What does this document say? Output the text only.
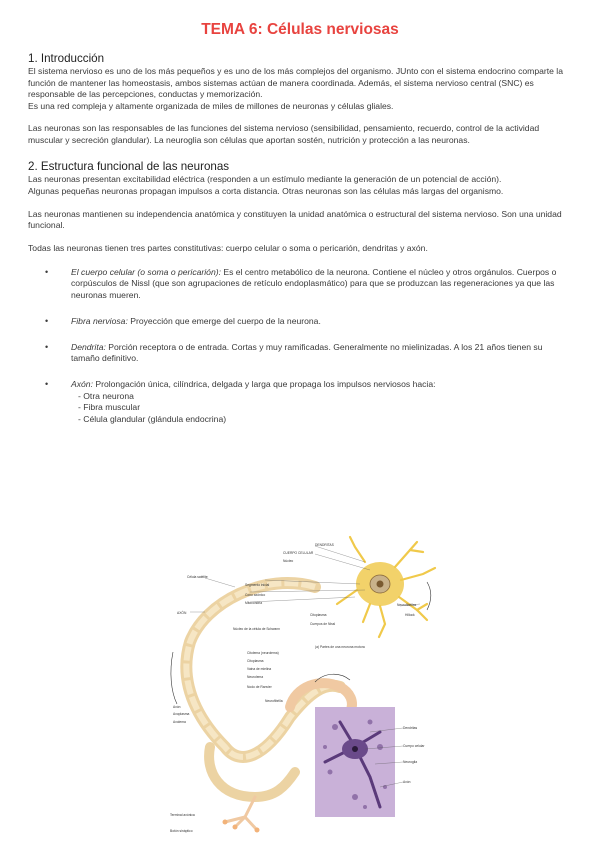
TEMA 6: Células nerviosas
1. Introducción

El sistema nervioso es uno de los más pequeños y es uno de los más complejos del organismo. JUnto con el sistema endocrino comparte la función de mantener las homeostasis, ambos sistemas actúan de manera coordinada. Además, el sistema nervioso central (SNC) es responsable de las percepciones, conductas y memorización.

Es una red compleja y altamente organizada de miles de millones de neuronas y células gliales.

Las neuronas son las responsables de las funciones del sistema nervioso (sensibilidad, pensamiento, recuerdo, control de la actividad muscular y secreción glandular). La neuroglia son células que aportan sostén, nutrición y protección a las neuronas.

2. Estructura funcional de las neuronas

Las neuronas presentan excitabilidad eléctrica (responden a un estímulo mediante la generación de un potencial de acción).

Algunas pequeñas neuronas propagan impulsos a corta distancia. Otras neuronas son las células más largas del organismo.

Las neuronas mantienen su independencia anatómica y constituyen la unidad anatómica o estructural del sistema nervioso. Son una unidad funcional.

Todas las neuronas tienen tres partes constitutivas: cuerpo celular o soma o pericarión, dendritas y axón.

•	El cuerpo celular (o soma o pericarión): Es el centro metabólico de la neurona. Contiene el núcleo y otros orgánulos. Cuerpos o corpúsculos de Nissl (que son agrupaciones de retículo endoplasmático) para que se produzcan las regeneraciones ya que las neuronas mueren.
•	Fibra nerviosa: Proyección que emerge del cuerpo de la neurona.
•	Dendrita: Porción receptora o de entrada. Cortas y muy ramificadas. Generalmente no mielinizadas. A los 21 años tienen su tamaño definitivo.
•	Axón: Prolongación única, cilíndrica, delgada y larga que propaga los impulsos nerviosos hacia:
- Otra neurona
- Fibra muscular
- Célula glandular (glándula endocrina)
DENDRITAS
CUERPO CELULAR
Núcleo
Citoplasma
Cuerpos de Nissl
Neurofibrillas
Hillock
Célula satélite
Segmento inicial
Cono axónico
Mitocondria
AXÓN
Núcleo de la célula de Schwann
(a) Partes de una neurona motora
Citolema (neurolema)
Citoplasma
Vaina de mielina
Neurolema
Nodo de Ranvier
Neurofibrilla
Axón
Axoplasma
Axolema
Dendritas
Cuerpo celular
Neuroglia
Axón
Terminal axónica
Botón sináptico
